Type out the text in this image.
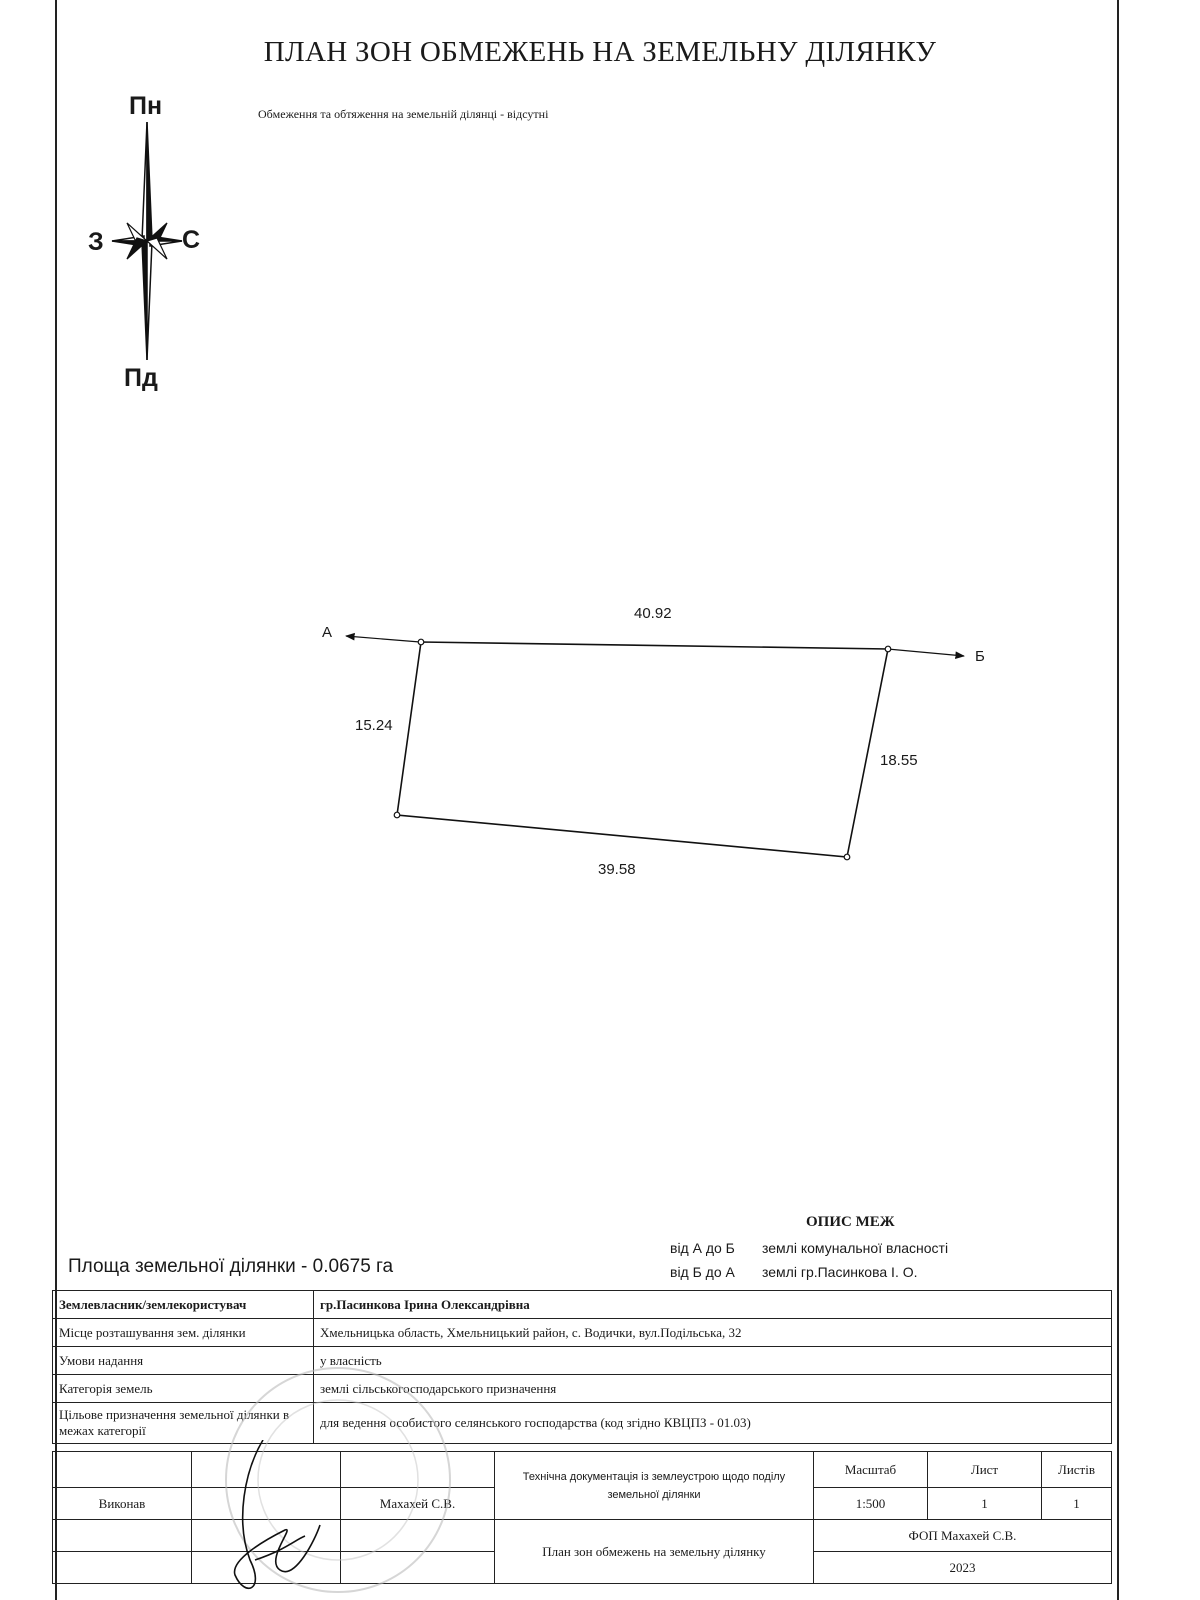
ПЛАН ЗОН ОБМЕЖЕНЬ НА ЗЕМЕЛЬНУ ДІЛЯНКУ
Обмеження та обтяження на земельній ділянці - відсутні
Пн
Пд
З	С
А
Б
40.92
15.24
18.55
39.58
Площа земельної ділянки - 0.0675 га
ОПИС МЕЖ
від А до Б	землі комунальної власності
від Б до А	землі гр.Пасинкова І. О.
Землевласник/землекористувач	гр.Пасинкова Ірина Олександрівна
Місце розташування зем. ділянки	Хмельницька область, Хмельницький район, с. Водички, вул.Подільська, 32
Умови надання	у власність
Категорія земель	землі сільськогосподарського призначення
Цільове призначення земельної ділянки в межах категорії	для ведення особистого селянського господарства (код згідно КВЦПЗ - 01.03)
			Технічна документація із землеустрою щодо поділу земельної ділянки	Масштаб	Лист	Листів
Виконав		Махахей С.В.		1:500	1	1
			План зон обмежень на земельну ділянку	ФОП Махахей С.В.		
				2023		
